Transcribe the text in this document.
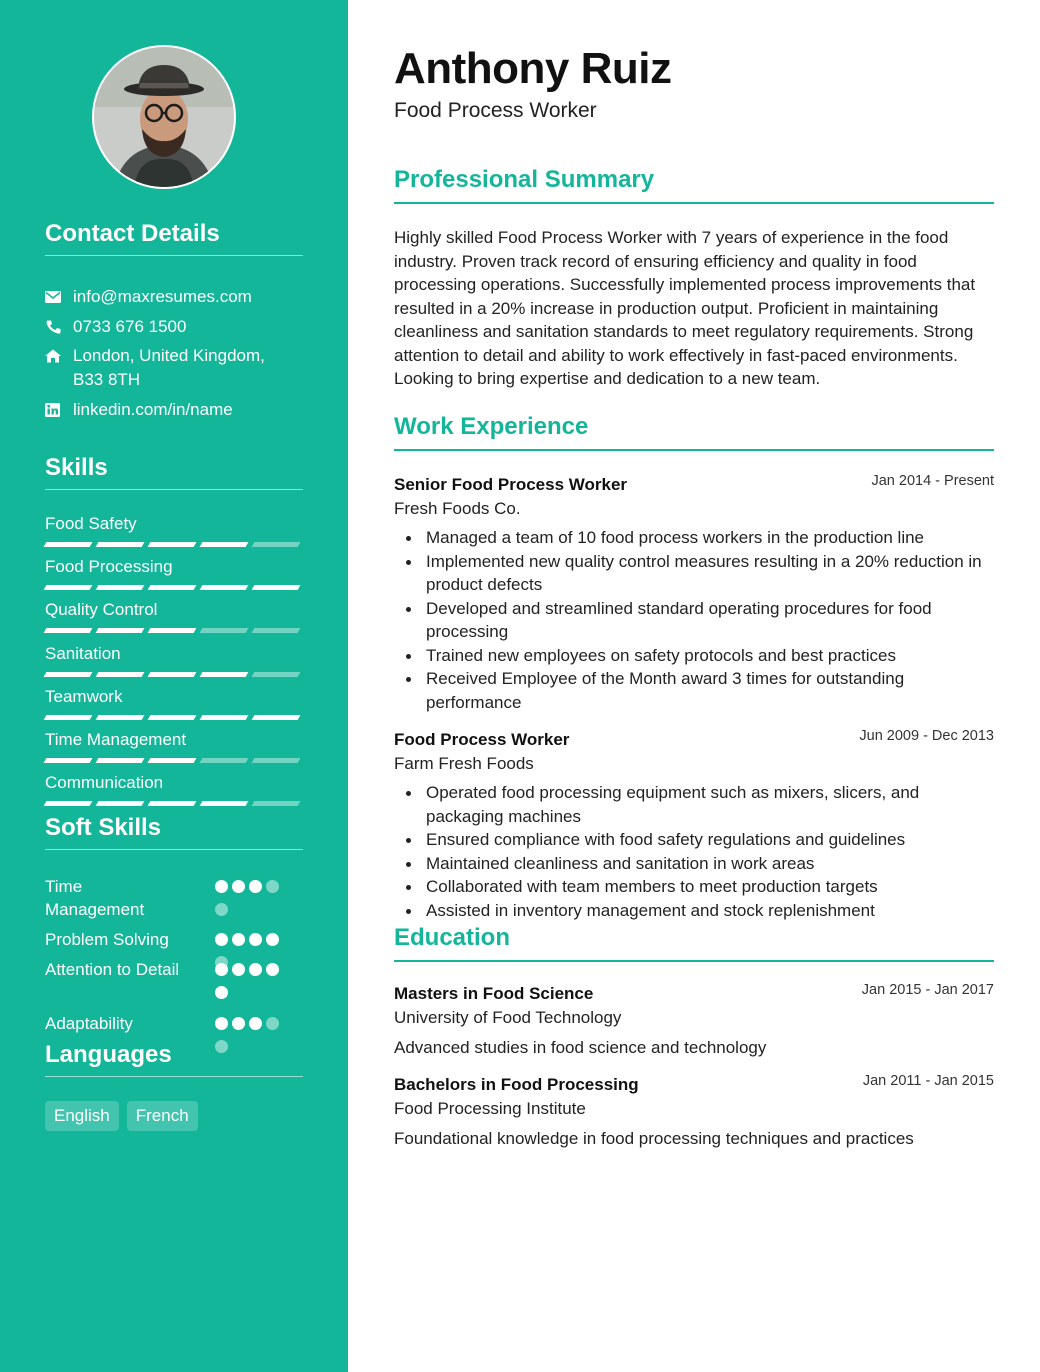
Contact Details
info@maxresumes.com
0733 676 1500
London, United Kingdom,
B33 8TH
linkedin.com/in/name
Skills
Food Safety
Food Processing
Quality Control
Sanitation
Teamwork
Time Management
Communication
Soft Skills
Time Management
Problem Solving
Attention to Detail
Adaptability
Languages
English	French
Anthony Ruiz
Food Process Worker
Professional Summary
Highly skilled Food Process Worker with 7 years of experience in the food industry. Proven track record of ensuring efficiency and quality in food processing operations. Successfully implemented process improvements that resulted in a 20% increase in production output. Proficient in maintaining cleanliness and sanitation standards to meet regulatory requirements. Strong attention to detail and ability to work effectively in fast-paced environments. Looking to bring expertise and dedication to a new team.
Work Experience
Senior Food Process Worker	Jan 2014 - Present
Fresh Foods Co.
Managed a team of 10 food process workers in the production line
Implemented new quality control measures resulting in a 20% reduction in product defects
Developed and streamlined standard operating procedures for food processing
Trained new employees on safety protocols and best practices
Received Employee of the Month award 3 times for outstanding performance
Food Process Worker	Jun 2009 - Dec 2013
Farm Fresh Foods
Operated food processing equipment such as mixers, slicers, and packaging machines
Ensured compliance with food safety regulations and guidelines
Maintained cleanliness and sanitation in work areas
Collaborated with team members to meet production targets
Assisted in inventory management and stock replenishment
Education
Masters in Food Science	Jan 2015 - Jan 2017
University of Food Technology
Advanced studies in food science and technology
Bachelors in Food Processing	Jan 2011 - Jan 2015
Food Processing Institute
Foundational knowledge in food processing techniques and practices
